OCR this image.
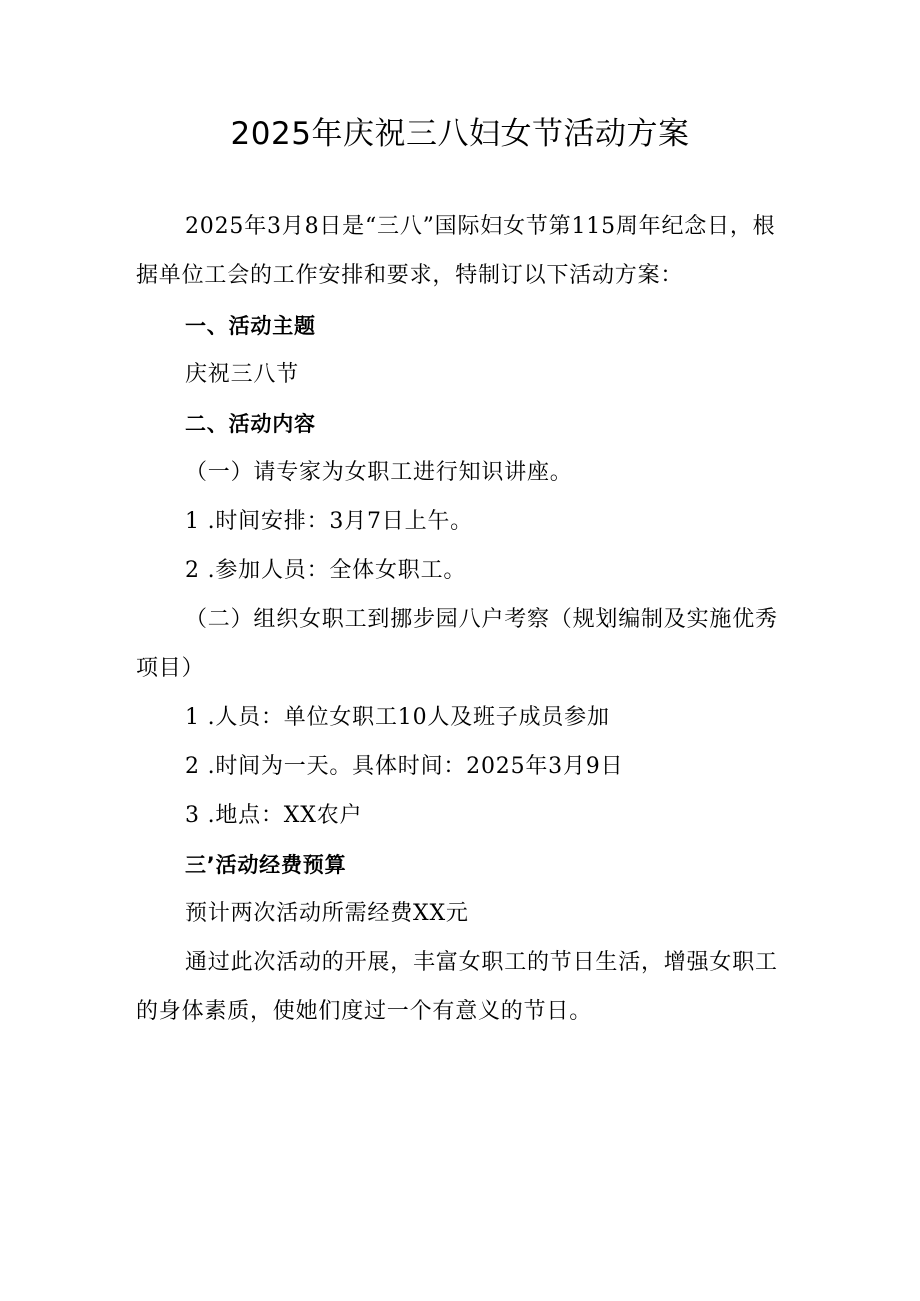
2025年庆祝三八妇女节活动方案
2025年3月8日是“三八”国际妇女节第115周年纪念日，根
据单位工会的工作安排和要求，特制订以下活动方案：
一、活动主题
庆祝三八节
二、活动内容
（一）请专家为女职工进行知识讲座。
1 .时间安排：3月7日上午。
2 .参加人员：全体女职工。
（二）组织女职工到挪步园八户考察（规划编制及实施优秀
项目）
1 .人员：单位女职工10人及班子成员参加
2 .时间为一天。具体时间：2025年3月9日
3 .地点：XX农户
三’活动经费预算
预计两次活动所需经费XX元
通过此次活动的开展，丰富女职工的节日生活，增强女职工
的身体素质，使她们度过一个有意义的节日。
